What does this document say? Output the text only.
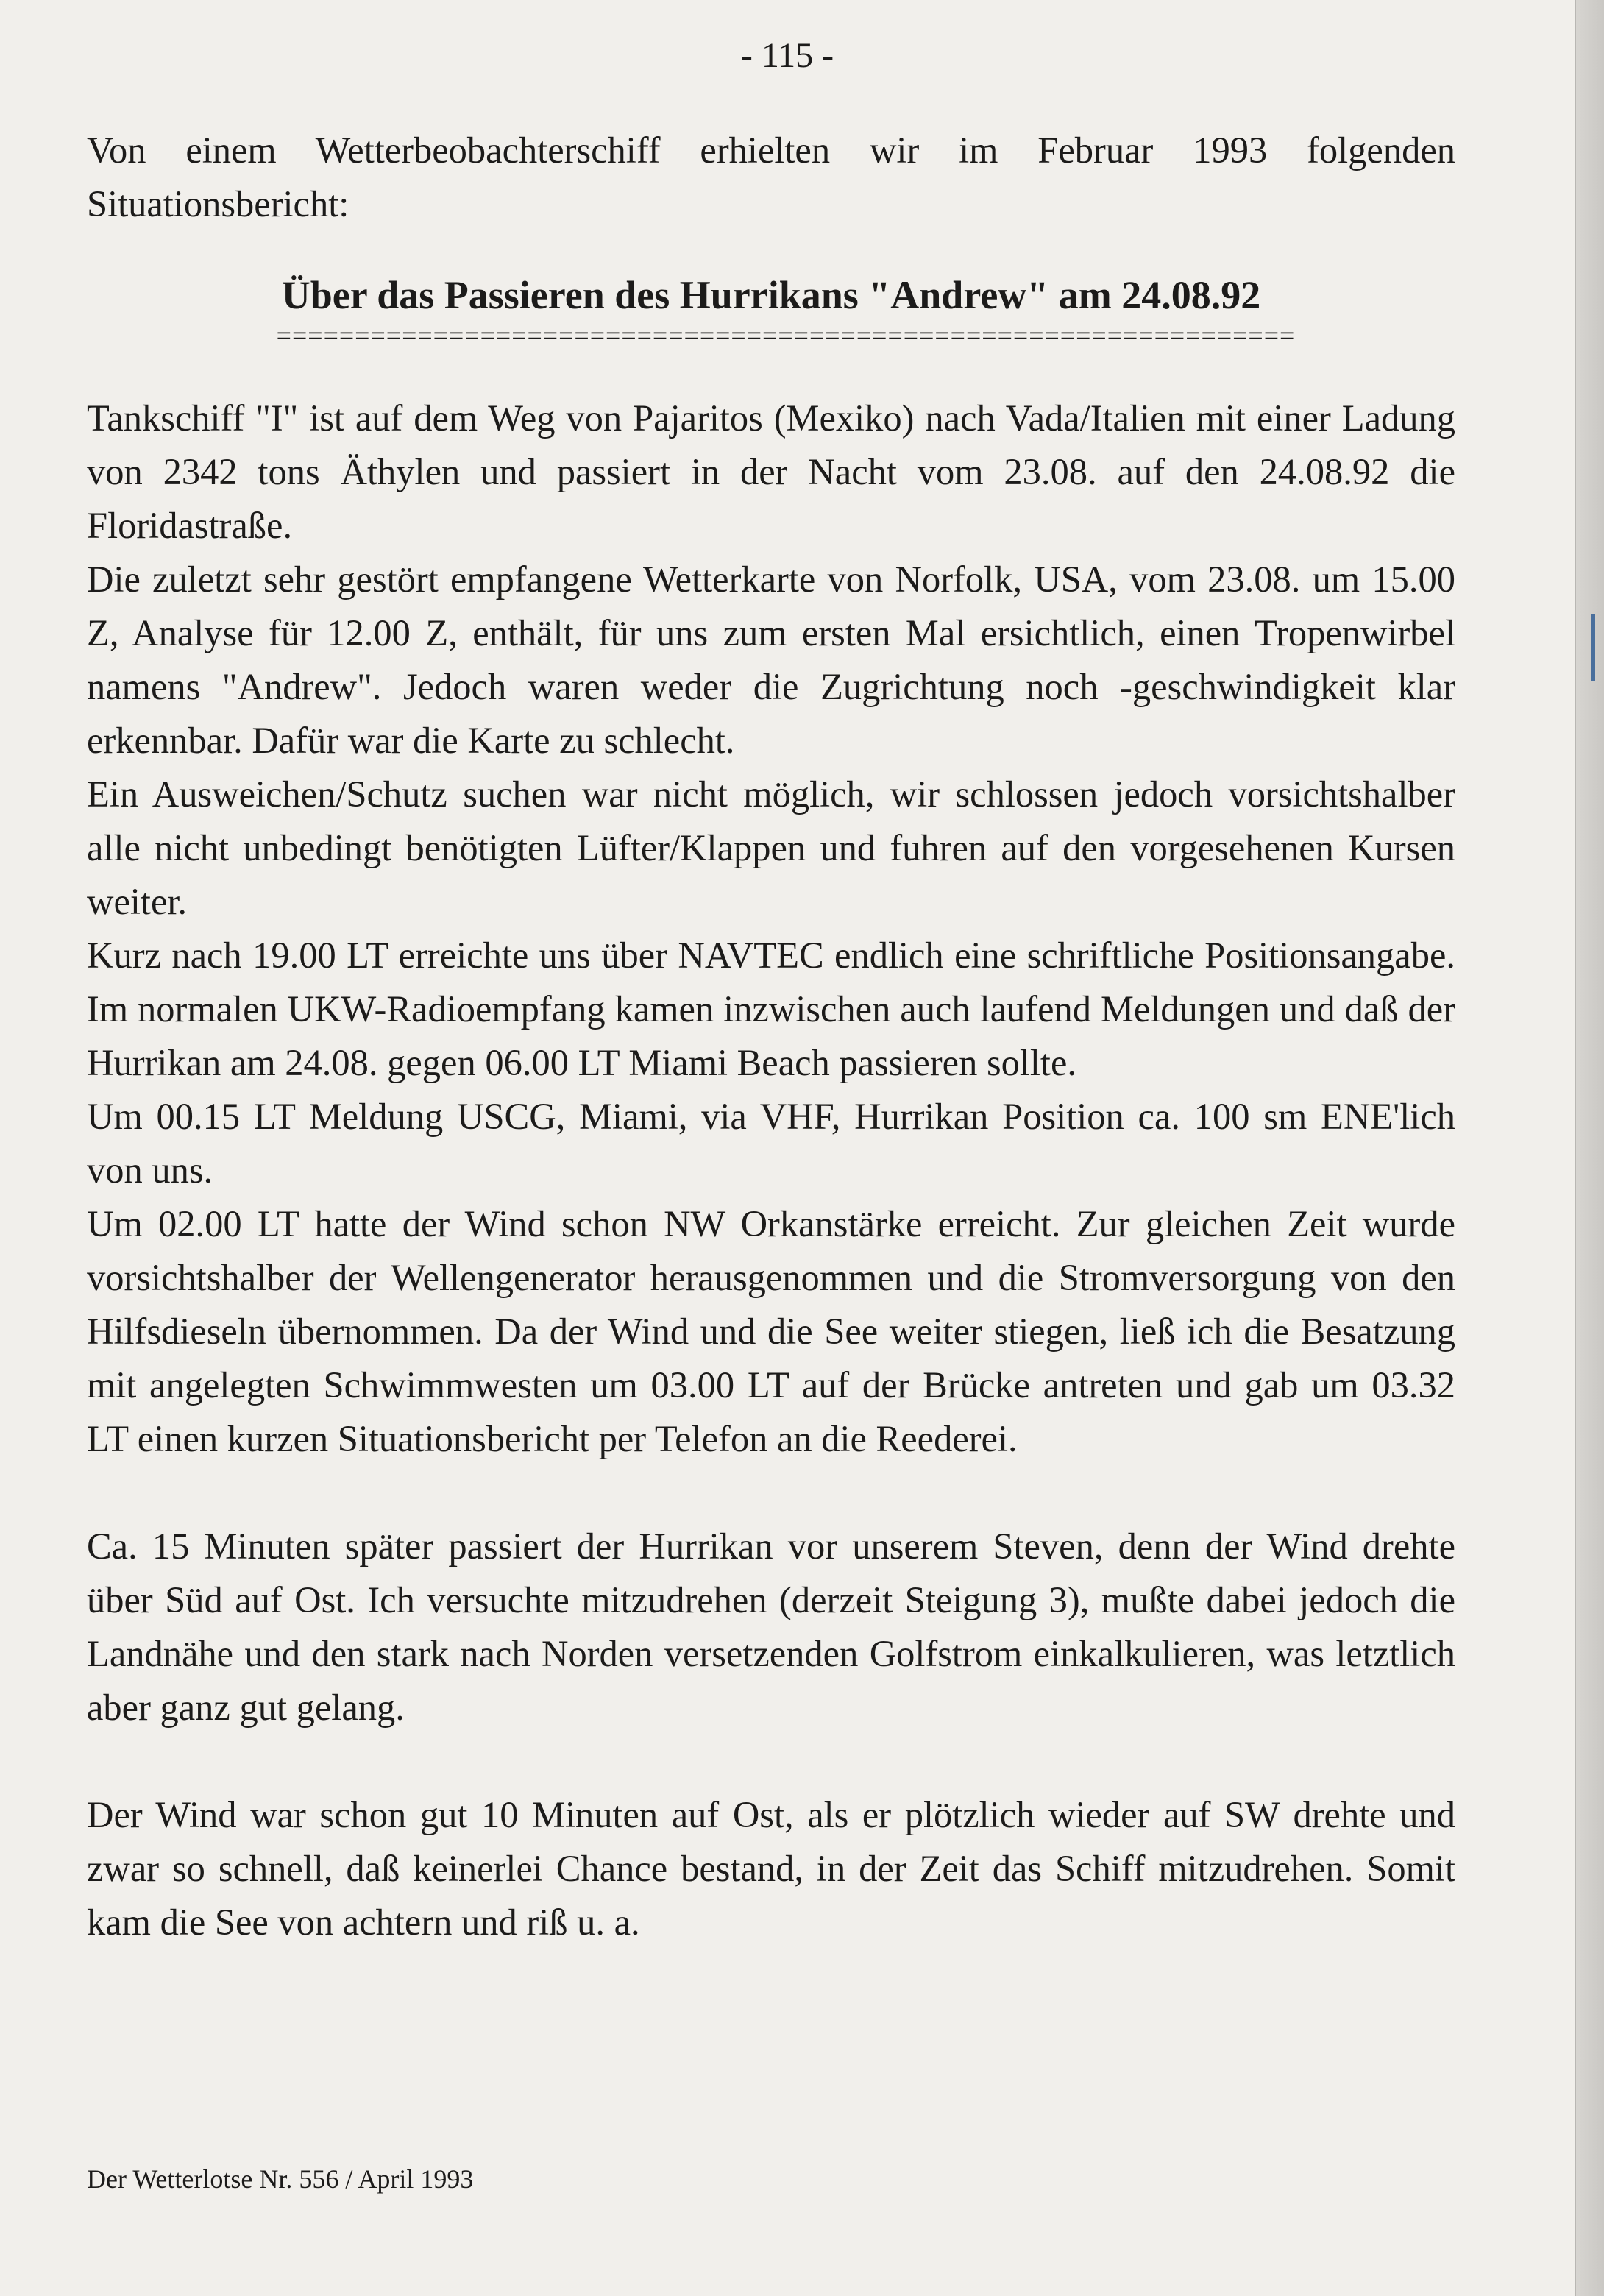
- 115 -

Von einem Wetterbeobachterschiff erhielten wir im Februar 1993 folgenden Situationsbericht:

Über das Passieren des Hurrikans "Andrew" am 24.08.92
=================================================================

Tankschiff "I" ist auf dem Weg von Pajaritos (Mexiko) nach Vada/Italien mit einer Ladung von 2342 tons Äthylen und passiert in der Nacht vom 23.08. auf den 24.08.92 die Floridastraße.

Die zuletzt sehr gestört empfangene Wetterkarte von Norfolk, USA, vom 23.08. um 15.00 Z, Analyse für 12.00 Z, enthält, für uns zum ersten Mal ersichtlich, einen Tropenwirbel namens "Andrew". Jedoch waren weder die Zugrichtung noch -geschwindigkeit klar erkennbar. Dafür war die Karte zu schlecht.

Ein Ausweichen/Schutz suchen war nicht möglich, wir schlossen jedoch vorsichtshalber alle nicht unbedingt benötigten Lüfter/Klappen und fuhren auf den vorgesehenen Kursen weiter.

Kurz nach 19.00 LT erreichte uns über NAVTEC endlich eine schriftliche Positionsangabe. Im normalen UKW-Radioempfang kamen inzwischen auch laufend Meldungen und daß der Hurrikan am 24.08. gegen 06.00 LT Miami Beach passieren sollte.

Um 00.15 LT Meldung USCG, Miami, via VHF, Hurrikan Position ca. 100 sm ENE'lich von uns.

Um 02.00 LT hatte der Wind schon NW Orkanstärke erreicht. Zur gleichen Zeit wurde vorsichtshalber der Wellengenerator herausgenommen und die Stromversorgung von den Hilfsdieseln übernommen. Da der Wind und die See weiter stiegen, ließ ich die Besatzung mit angelegten Schwimmwesten um 03.00 LT auf der Brücke antreten und gab um 03.32 LT einen kurzen Situationsbericht per Telefon an die Reederei.

Ca. 15 Minuten später passiert der Hurrikan vor unserem Steven, denn der Wind drehte über Süd auf Ost. Ich versuchte mitzudrehen (derzeit Steigung 3), mußte dabei jedoch die Landnähe und den stark nach Norden versetzenden Golfstrom einkalkulieren, was letztlich aber ganz gut gelang.

Der Wind war schon gut 10 Minuten auf Ost, als er plötzlich wieder auf SW drehte und zwar so schnell, daß keinerlei Chance bestand, in der Zeit das Schiff mitzudrehen. Somit kam die See von achtern und riß u. a.

Der Wetterlotse Nr. 556 / April 1993
